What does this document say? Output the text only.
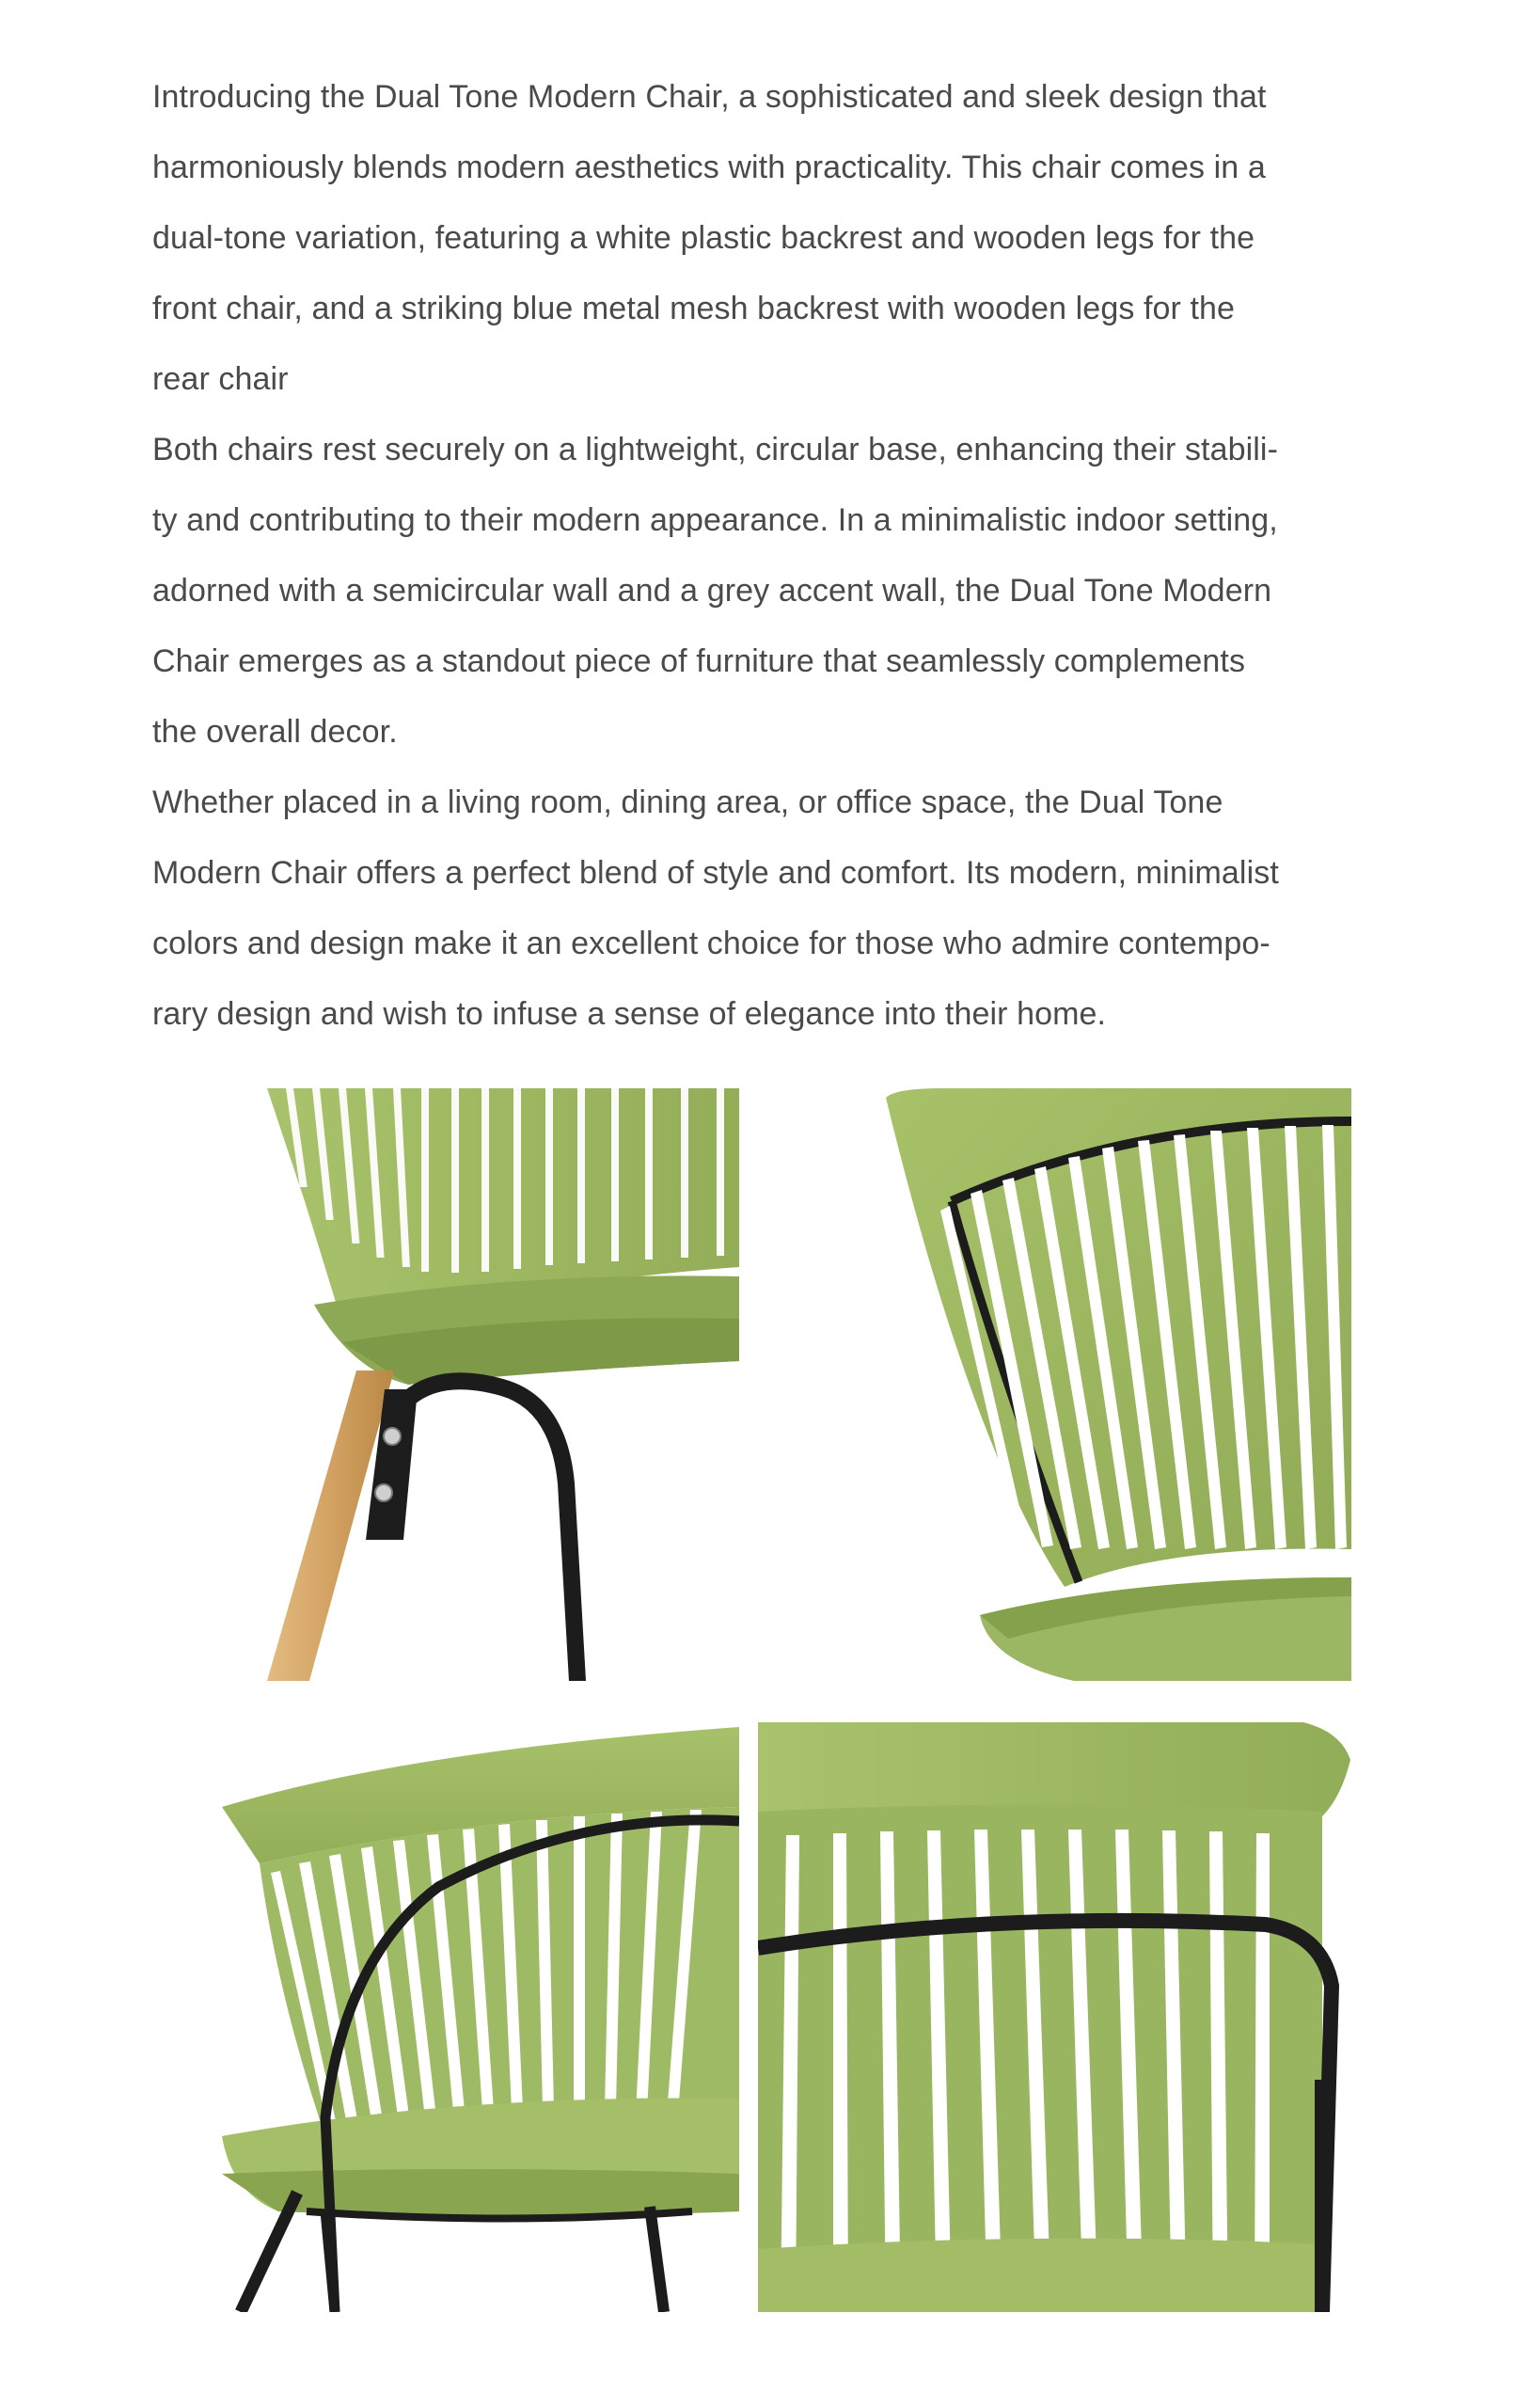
Introducing the Dual Tone Modern Chair, a sophisticated and sleek design that
harmoniously blends modern aesthetics with practicality. This chair comes in a
dual-tone variation, featuring a white plastic backrest and wooden legs for the
front chair, and a striking blue metal mesh backrest with wooden legs for the
rear chair
Both chairs rest securely on a lightweight, circular base, enhancing their stabili-
ty and contributing to their modern appearance. In a minimalistic indoor setting,
adorned with a semicircular wall and a grey accent wall, the Dual Tone Modern
Chair emerges as a standout piece of furniture that seamlessly complements
the overall decor.
Whether placed in a living room, dining area, or office space, the Dual Tone
Modern Chair offers a perfect blend of style and comfort. Its modern, minimalist
colors and design make it an excellent choice for those who admire contempo-
rary design and wish to infuse a sense of elegance into their home.
